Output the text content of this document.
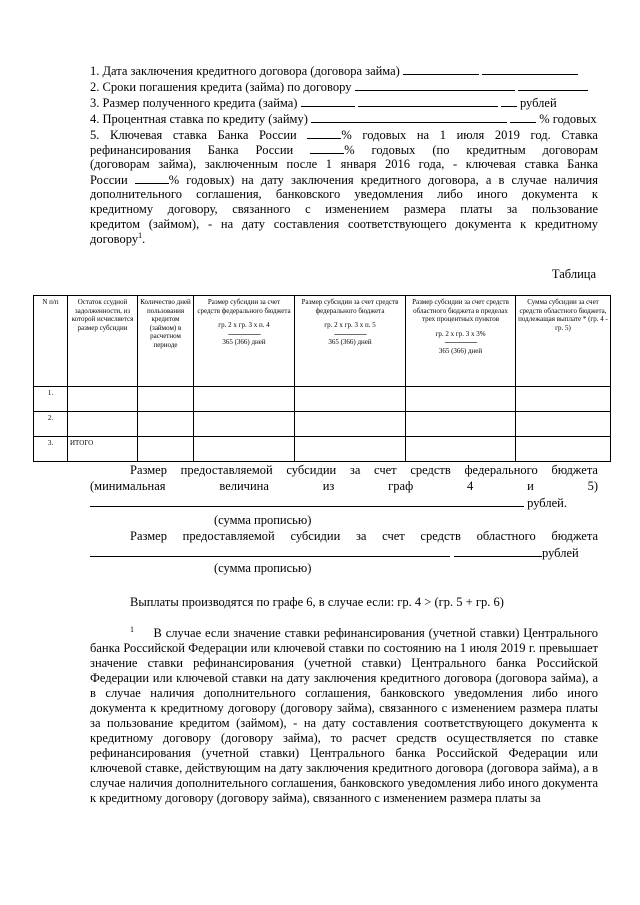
1. Дата заключения кредитного договора (договора займа)
2. Сроки погашения кредита (займа) по договору
3. Размер полученного кредита (займа)	рублей
4. Процентная ставка по кредиту (займу)	% годовых
5. Ключевая ставка Банка России	% годовых на 1 июля 2019 год. Ставка
рефинансирования Банка России	% годовых (по кредитным договорам
(договорам займа), заключенным после 1 января 2016 года, - ключевая ставка Банка
России	% годовых) на дату заключения кредитного договора, а в случае наличия
дополнительного соглашения, банковского уведомления либо иного документа к
кредитному договору, связанного с изменением размера платы за пользование
кредитом (займом), - на дату составления соответствующего документа к кредитному
договору$^1$.
Таблица
N п/п	Остаток ссудной задолженности, из которой исчисляется размер субсидии	Количество дней пользования кредитом (займом) в расчетном периоде	Размер субсидии за счет средств федерального бюджета
гр. 2 х гр. 3 х п. 4
------------------------
365 (366) дней	Размер субсидии за счет средств федерального бюджета
гр. 2 х гр. 3 х п. 5
------------------------
365 (366) дней	Размер субсидии за счет средств областного бюджета в пределах трех процентных пунктов
гр. 2 х гр. 3 х 3%
------------------------
365 (366) дней	Сумма субсидии за счет средств областного бюджета, подлежащая выплате * (гр. 4 - гр. 5)
1.						
2.						
3.	ИТОГО					
Размер предоставляемой субсидии за счет средств федерального бюджета
(минимальная величина из граф 4 и 5)
рублей.
(сумма прописью)
Размер предоставляемой субсидии за счет средств областного бюджета
рублей
(сумма прописью)
Выплаты производятся по графе 6, в случае если: гр. 4 > (гр. 5 + гр. 6)

$^1$ В случае если значение ставки рефинансирования (учетной ставки) Центрального банка Российской Федерации или ключевой ставки по состоянию на 1 июля 2019 г. превышает значение ставки рефинансирования (учетной ставки) Центрального банка Российской Федерации или ключевой ставки на дату заключения кредитного договора (договора займа), а в случае наличия дополнительного соглашения, банковского уведомления либо иного документа к кредитному договору (договору займа), связанного с изменением размера платы за пользование кредитом (займом), - на дату составления соответствующего документа к кредитному договору (договору займа), то расчет средств осуществляется по ставке рефинансирования (учетной ставки) Центрального банка Российской Федерации или ключевой ставке, действующим на дату заключения кредитного договора (договора займа), а в случае наличия дополнительного соглашения, банковского уведомления либо иного документа к кредитному договору (договору займа), связанного с изменением размера платы за
